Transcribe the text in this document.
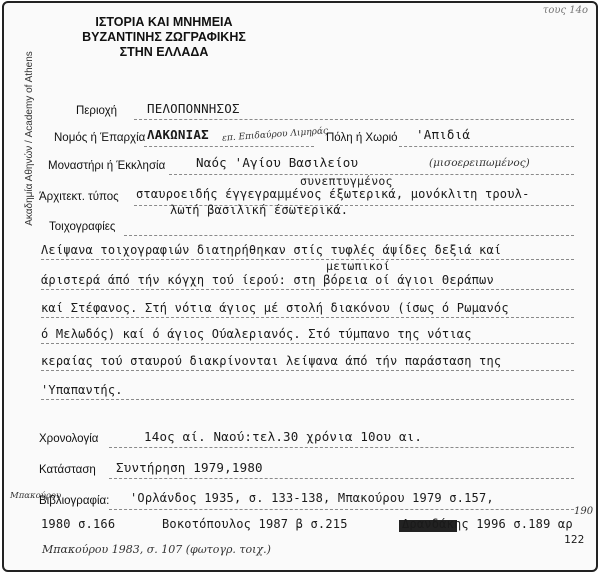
ΙΣΤΟΡΙΑ ΚΑΙ ΜΝΗΜΕΙΑ
ΒΥΖΑΝΤΙΝΗΣ ΖΩΓΡΑΦΙΚΗΣ
ΣΤΗΝ ΕΛΛΑΔΑ
Ακαδημία Αθηνών / Academy of Athens
τους 14ο
Περιοχή ΠΕΛΟΠΟΝΝΗΣΟΣ
Νομός ή Έπαρχία ΛΑΚΩΝΙΑΣ επ. Επιδαύρου Λιμηράς
Πόλη ή Χωριό 'Απιδιά
Μοναστήρι ή Έκκλησία Ναός 'Αγίου Βασιλείου	(μισοερειπωμένος)
συνεπτυγμένος
Άρχιτεκτ. τύπος σταυροειδής έγγεγραμμένος έξωτερικά, μονόκλιτη τρουλ-
λωτή βασιλική έσωτερικά.
Τοιχογραφίες
Λείψανα τοιχογραφιών διατηρήθηκαν στίς τυφλές άψίδες δεξιά καί
μετωπικοί
άριστερά άπό τήν κόγχη τού ίερού: στη βόρεια οί άγιοι Θεράπων
καί Στέφανος. Στή νότια άγιος μέ στολή διακόνου (ίσως ό Ρωμανός
ό Μελωδός) καί ό άγιος Ούαλεριανός. Στό τύμπανο της νότιας
κεραίας τού σταυρού διακρίνονται λείψανα άπό τήν παράσταση της
'Υπαπαντής.
Χρονολογία	14ος αί. Ναού:τελ.30 χρόνια 10ου αι.
Κατάσταση Συντήρηση 1979,1980
Μπακούρου
Βιβλιογραφία: 'Ορλάνδος 1935, σ. 133-138, Μπακούρου 1979 σ.157,
1980 σ.166	Βοκοτόπουλος 1987 β σ.215	Δρανδάκης 1996 σ.189 αρ
190
122
Μπακούρου 1983, σ. 107 (φωτογρ. τοιχ.)
